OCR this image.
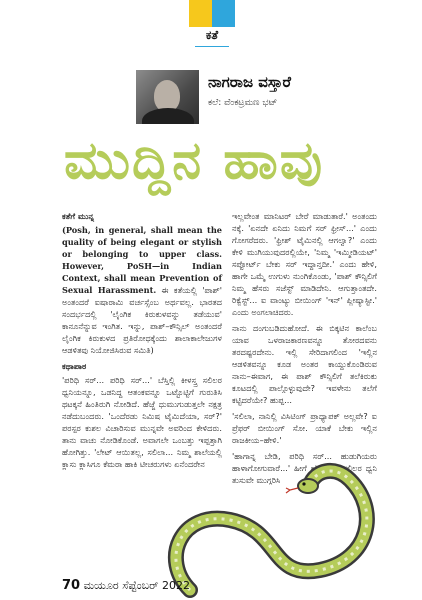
ಕತೆ
ನಾಗರಾಜ ವಸ್ತಾರೆ
ಕಲೆ: ವೆಂಕಟ್ರಮಣ ಭಟ್
ಮುದ್ದಿನ ಹಾವು
ಕತೆಗೆ ಮುನ್ನ

(Posh, in general, shall mean the quality of being elegant or stylish or belonging to upper class. However, PoSH—in Indian Context, shall mean Prevention of Sexual Harassment. ಈ ಕತೆಯಲ್ಲಿ 'ಪಾಶ್' ಅಂತಂದರೆ ಐಷಾರಾಮಿ ವರ್ಚಸ್ಸೆಂಬ ಅರ್ಥವಲ್ಲ. ಭಾರತದ ಸಂದರ್ಭದಲ್ಲಿ 'ಲೈಂಗಿಕ ಕಿರುಕುಳವನ್ನು ತಡೆಯುವ' ಕಾನೂನೆನ್ನುವ ಇಂಗಿತ. ಇನ್ನು, ಪಾಶ್–ಕೌನ್ಸಿಲ್ ಅಂತಂದರೆ ಲೈಂಗಿಕ ಕಿರುಕುಳದ ಪ್ರತಿರೋಧಕ್ಕೆಂದು ಶಾಲಾಕಾಲೇಜುಗಳ ಆಡಳಿತವು ನಿಯೋಜಿಸಿರುವ ಸಮಿತಿ)

ಕಥಾಪಾಠ

'ಪರಿಧಿ ಸರ್... ಪರಿಧಿ ಸರ್...' ಬೆಸ್ತಿಲ್ಲಿ ಕೀಳಸ್ತ್ರ ಸಲಿಲರ ಧ್ವನಿಯನ್ನೂ, ಒಡನಿದ್ದ ಆತಂಕವನ್ನೂ ಒಟ್ಟೊಟ್ಟಿಗೆ ಗುರುತಿಸಿ ಥಟಕ್ಕನೆ ಹಿಂತಿರುಗಿ ನೋಡಿದೆ. ಹೆಜ್ಜೆ ಧುಮುಗುಡುತ್ತಲೇ ನಕ್ಷತ್ರ ನಡೆದುಬಂದರು. 'ಒಂದೆರಡು ನಿಮಿಷ ಟೈಮಿದೆಯಾ, ಸರ್?' ಪರಸ್ಪರ ಕುಶಲ ವಿಚಾರಿಸುವ ಮುನ್ನವೇ ಅವರಿಂದ ಕೇಳಿದರು. ತಾನು ವಾಚು ನೋಡಿಕೊಂಡೆ. ಅವಾಗಲೇ ಒಂಬತ್ತು ಇಪ್ಪತ್ತಾಗಿ ಹೋಗಿತ್ತು. 'ಲೇಟ್ ಆಯಿತಲ್ಲ, ಸಲಿಲಾ... ನಿಮ್ಮ ಶಾಲೆಯಲ್ಲಿ ಕ್ಲಾಸು ಕ್ಲಾಸಿಗೂ ಕೆಮರಾ ಹಾಕಿ ಟೀಚರುಗಳು ಏನೆಂದರೇನ

ಇಲ್ಲವೇಂತ ಮಾನಿಟರ್ ಬೇರೆ ಮಾಡುತಾರೆ.' ಅಂತಂದು ನಕ್ಕೆ. 'ಏನದೇ ಏನಿದು ನಿಮಗೆ ಸರ್ ಫ್ರೀಸ್...' ಎಂದು ಗೋಗರೆದರು. 'ಫ್ರೀಶ್ ಟೈಮಿನಲ್ಲಿ ಆಗಲ್ವಾ?' ಎಂದು ಕೇಳಿ ಮುಗಿಯುವುದರಲ್ಲಿಯೇ, 'ನಿಮ್ಮ 'ಇಮ್ಮೀಡಿಯಟ್' ಸಪ್ಪೋರ್ಟ್ ಬೇಕು ಸರ್ ಇದ್ದಾನ್ತದೀ.' ಎಂದು ಹೇಳಿ, ಹಾಗೇ ಒಮ್ಮೆ ಉಗುಳು ನುಂಗಿಕೊಂಡು, 'ಪಾಶ್ ಕೌನ್ಸಿಲಿಗೆ ನಿಮ್ಮ ಹೆಸರು ಸಜೆಸ್ಟ್ ಮಾಡಿದೇನಿ. ಆಗುತ್ತಾಂತದೇ. ರಿಕ್ವೆಸ್ಟ್... ಐ ವಾಂಟ್ಯು ಬೀಯಿಂಗ್ 'ಇನ್' ಪ್ಲೀಷ್ಯಾಸ್ಟೀ.' ಎಂದು ಅಂಗಲಾಚಿದರು.

ನಾನು ದಂಗುಬಡಿದುಹೋದೆ. ಈ ಬಿಕ್ಕಟಿನ ಕಾಲೆಂಬ ಯಾವ ಒಳರಾಜಕಾರಣವನ್ನೂ ತೋರದವನು ತರದಷ್ಟರದೇನು. ಇಲ್ಲಿ ಸೇರಿದಾಗಲಿಂದ 'ಇಲ್ಲಿನ ಆಡಳಿತವನ್ನೂ ಕೂಡ ಅಂತರ ಕಾಯ್ದುಕೊಂಡಿರುವ ನಾನು–ಈವಾಗ, ಈ ಪಾಶ್ ಕೌನ್ಸಿಲಿಗೆ ತಲೆಕಿರುಕು ಕೂಟದಲ್ಲಿ ಪಾಲ್ಗೊಳ್ಳುವುದೇ? ಇವಳೇನು ತಲೆಗೆ ಕಟ್ಟಿದರೆಯೇ? ಹುಪ್ಪ...

'ಸಲಿಲಾ, ನಾನಿಲ್ಲಿ ವಿಸಿಟಿಂಗ್ ಪ್ರಾಧ್ಯಾಪಕ್ ಅಲ್ಲವೇ? ಐ ಪ್ರೆಫರ್ ಬೀಯಿಂಗ್ ಸೋ. ಯಾಕೆ ಬೇಕು ಇಲ್ಲಿನ ರಾಜಕೀಯ–ಹೇಳಿ.'

'ಹಾಗಾನ್ನ ಬೇಡಿ, ಪರಿಧಿ ಸರ್... ಹುಡುಗಿಯರು ಹಾಳಾಗೋಗುವಾರೆ...' ಹೀಗೆ ಹೇಳುವಾಗ ಸಲಿಲರ ಧ್ವನಿ ತುಸುವೇ ಮುಗ್ಗರಿಸಿ

70 ಮಯೂರ ಸೆಪ್ಟೆಂಬರ್ 2022
